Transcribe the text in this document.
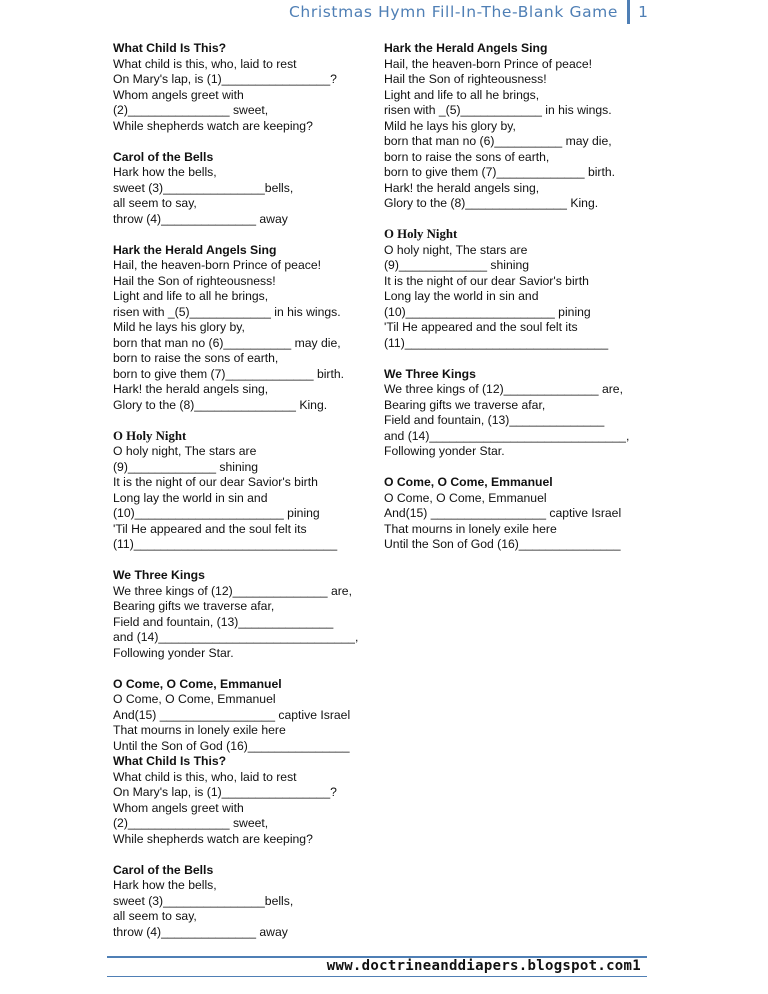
Christmas Hymn Fill-In-The-Blank Game 1
What Child Is This?
What child is this, who, laid to rest
On Mary's lap, is (1)________________?
Whom angels greet with
(2)_______________ sweet,
While shepherds watch are keeping?
Carol of the Bells
Hark how the bells,
sweet (3)_______________bells,
all seem to say,
throw (4)______________ away
Hark the Herald Angels Sing
Hail, the heaven-born Prince of peace!
Hail the Son of righteousness!
Light and life to all he brings,
risen with _(5)____________ in his wings.
Mild he lays his glory by,
born that man no (6)__________ may die,
born to raise the sons of earth,
born to give them (7)_____________ birth.
Hark! the herald angels sing,
Glory to the (8)_______________ King.
O Holy Night
O holy night, The stars are
(9)_____________ shining
It is the night of our dear Savior's birth
Long lay the world in sin and
(10)______________________ pining
'Til He appeared and the soul felt its
(11)______________________________
We Three Kings
We three kings of (12)______________ are,
Bearing gifts we traverse afar,
Field and fountain, (13)______________
and (14)_____________________________,
Following yonder Star.
O Come, O Come, Emmanuel
O Come, O Come, Emmanuel
And(15) _________________ captive Israel
That mourns in lonely exile here
Until the Son of God (16)_______________
What Child Is This?
What child is this, who, laid to rest
On Mary's lap, is (1)________________?
Whom angels greet with
(2)_______________ sweet,
While shepherds watch are keeping?
Carol of the Bells
Hark how the bells,
sweet (3)_______________bells,
all seem to say,
throw (4)______________ away
Hark the Herald Angels Sing
Hail, the heaven-born Prince of peace!
Hail the Son of righteousness!
Light and life to all he brings,
risen with _(5)____________ in his wings.
Mild he lays his glory by,
born that man no (6)__________ may die,
born to raise the sons of earth,
born to give them (7)_____________ birth.
Hark! the herald angels sing,
Glory to the (8)_______________ King.
O Holy Night
O holy night, The stars are
(9)_____________ shining
It is the night of our dear Savior's birth
Long lay the world in sin and
(10)______________________ pining
'Til He appeared and the soul felt its
(11)______________________________
We Three Kings
We three kings of (12)______________ are,
Bearing gifts we traverse afar,
Field and fountain, (13)______________
and (14)_____________________________,
Following yonder Star.
O Come, O Come, Emmanuel
O Come, O Come, Emmanuel
And(15) _________________ captive Israel
That mourns in lonely exile here
Until the Son of God (16)_______________
www.doctrineanddiapers.blogspot.com1
